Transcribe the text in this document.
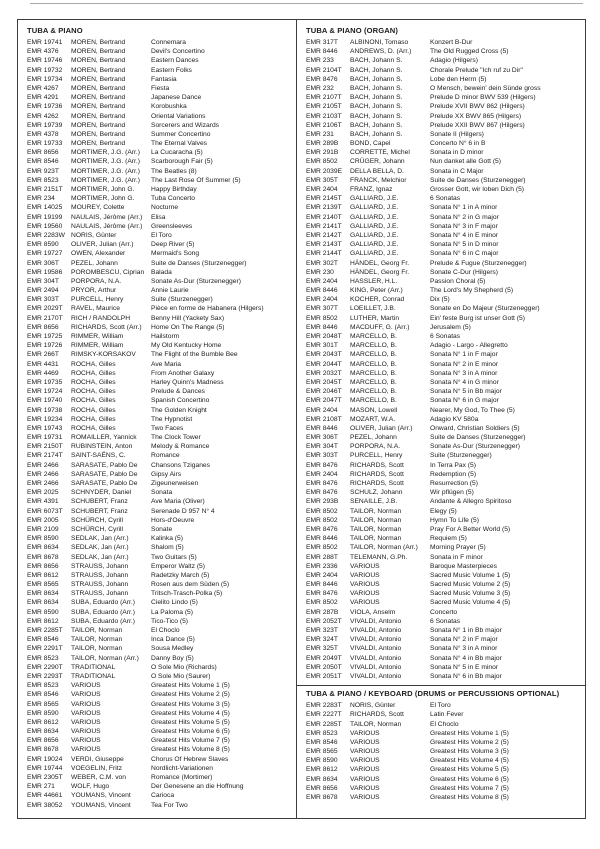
TUBA & PIANO
EMR 19741	MOREN, Bertrand	Connemara
EMR 4376	MOREN, Bertrand	Devil's Concertino
EMR 19746	MOREN, Bertrand	Eastern Dances
EMR 19732	MOREN, Bertrand	Eastern Folks
EMR 19734	MOREN, Bertrand	Fantasia
EMR 4267	MOREN, Bertrand	Fiesta
EMR 4291	MOREN, Bertrand	Japanese Dance
EMR 19736	MOREN, Bertrand	Korobushka
EMR 4262	MOREN, Bertrand	Oriental Variations
EMR 19739	MOREN, Bertrand	Sorcerers and Wizards
EMR 4378	MOREN, Bertrand	Summer Concertino
EMR 19733	MOREN, Bertrand	The Eternal Valves
EMR 8656	MORTIMER, J.G. (Arr.)	La Cucaracha (5)
EMR 8546	MORTIMER, J.G. (Arr.)	Scarborough Fair (5)
EMR 923T	MORTIMER, J.G. (Arr.)	The Beatles (8)
EMR 8523	MORTIMER, J.G. (Arr.)	The Last Rose Of Summer (5)
EMR 2151T	MORTIMER, John G.	Happy Birthday
EMR 234	MORTIMER, John G.	Tuba Concerto
EMR 14025	MOUREY, Colette	Nocturne
EMR 19199	NAULAIS, Jérôme (Arr.)	Elisa
EMR 19560	NAULAIS, Jérôme (Arr.)	Greensleeves
EMR 2283W NORIS, Günter	El Toro
EMR 8590	OLIVER, Julian (Arr.)	Deep River (5)
EMR 19727	OWEN, Alexander	Mermaid's Song
EMR 306T	PEZEL, Johann	Suite de Danses (Sturzenegger)
EMR 19586	POROMBESCU, Ciprian	Balada
EMR 304T	PORPORA, N.A.	Sonate As-Dur (Sturzenegger)
EMR 2494	PRYOR, Arthur	Annie Laurie
EMR 303T	PURCELL, Henry	Suite (Sturzenegger)
EMR 2029T	RAVEL, Maurice	Pièce en forme de Habanera (Hilgers)
EMR 2170T	RICH / RANDOLPH	Benny Hill (Yackety Sax)
EMR 8656	RICHARDS, Scott (Arr.)	Home On The Range (5)
EMR 19725	RIMMER, William	Hailstorm
EMR 19726	RIMMER, William	My Old Kentucky Home
EMR 266T	RIMSKY-KORSAKOV	The Flight of the Bumble Bee
EMR 4431	ROCHA, Gilles	Ave Maria
EMR 4469	ROCHA, Gilles	From Another Galaxy
EMR 19735	ROCHA, Gilles	Harley Quinn's Madness
EMR 19724	ROCHA, Gilles	Prelude & Dances
EMR 19740	ROCHA, Gilles	Spanish Concertino
EMR 19738	ROCHA, Gilles	The Golden Knight
EMR 19234	ROCHA, Gilles	The Hypnotist
EMR 19743	ROCHA, Gilles	Two Faces
EMR 19731	ROMAILLER, Yannick	The Clock Tower
EMR 2150T	RUBINSTEIN, Anton	Melody & Romance
EMR 2174T	SAINT-SAËNS, C.	Romance
EMR 2466	SARASATE, Pablo De	Chansons Tziganes
EMR 2466	SARASATE, Pablo De	Gipsy Airs
EMR 2466	SARASATE, Pablo De	Zigeunerweisen
EMR 2025	SCHNYDER, Daniel	Sonata
EMR 4391	SCHUBERT, Franz	Ave Maria (Oliver)
EMR 6073T	SCHUBERT, Franz	Serenade D 957 N° 4
EMR 2005	SCHÜRCH, Cyrill	Hors-d'Oeuvre
EMR 2109	SCHÜRCH, Cyrill	Sonate
EMR 8590	SEDLAK, Jan (Arr.)	Kalinka (5)
EMR 8634	SEDLAK, Jan (Arr.)	Shalom (5)
EMR 8678	SEDLAK, Jan (Arr.)	Two Guitars (5)
EMR 8656	STRAUSS, Johann	Emperor Waltz (5)
EMR 8612	STRAUSS, Johann	Radetzky March (5)
EMR 8565	STRAUSS, Johann	Rosen aus dem Süden (5)
EMR 8634	STRAUSS, Johann	Tritsch-Trasch-Polka (5)
EMR 8634	SUBA, Eduardo (Arr.)	Cielito Lindo (5)
EMR 8590	SUBA, Eduardo (Arr.)	La Paloma (5)
EMR 8612	SUBA, Eduardo (Arr.)	Tico-Tico (5)
EMR 2285T	TAILOR, Norman	El Choclo
EMR 8546	TAILOR, Norman	Inca Dance (5)
EMR 2291T	TAILOR, Norman	Sousa Medley
EMR 8523	TAILOR, Norman (Arr.)	Danny Boy (5)
EMR 2290T	TRADITIONAL	O Sole Mio (Richards)
EMR 2293T	TRADITIONAL	O Sole Mio (Saurer)
EMR 8523	VARIOUS	Greatest Hits Volume 1 (5)
EMR 8546	VARIOUS	Greatest Hits Volume 2 (5)
EMR 8565	VARIOUS	Greatest Hits Volume 3 (5)
EMR 8590	VARIOUS	Greatest Hits Volume 4 (5)
EMR 8612	VARIOUS	Greatest Hits Volume 5 (5)
EMR 8634	VARIOUS	Greatest Hits Volume 6 (5)
EMR 8656	VARIOUS	Greatest Hits Volume 7 (5)
EMR 8678	VARIOUS	Greatest Hits Volume 8 (5)
EMR 19024	VERDI, Giuseppe	Chorus Of Hebrew Slaves
EMR 19744	VOEGELIN, Fritz	Nordlicht-Variationen
EMR 2305T	WEBER, C.M. von	Romance (Mortimer)
EMR 271	WOLF, Hugo	Der Genesene an die Hoffnung
EMR 44661	YOUMANS, Vincent	Carioca
EMR 38052	YOUMANS, Vincent	Tea For Two
TUBA & PIANO (ORGAN)
EMR 317T	ALBINONI, Tomaso	Konzert B-Dur
EMR 8446	ANDREWS, D. (Arr.)	The Old Rugged Cross (5)
EMR 233	BACH, Johann S.	Adagio (Hilgers)
EMR 2104T	BACH, Johann S.	Chorale Prelude "Ich ruf zu Dir"
EMR 8476	BACH, Johann S.	Lobe den Herrn (5)
EMR 232	BACH, Johann S.	O Mensch, bewein' dein Sünde gross
EMR 2107T	BACH, Johann S.	Prelude D minor BWV 539 (Hilgers)
EMR 2105T	BACH, Johann S.	Prelude XVII BWV 862 (Hilgers)
EMR 2103T	BACH, Johann S.	Prelude XX BWV 865 (Hilgers)
EMR 2106T	BACH, Johann S.	Prelude XXII BWV 867 (Hilgers)
EMR 231	BACH, Johann S.	Sonate II (Hilgers)
EMR 289B	BOND, Capel	Concerto N° 6 in B
EMR 291B	CORRETTE, Michel	Sonata in D minor
EMR 8502	CRÜGER, Johann	Nun danket alle Gott (5)
EMR 2039E	DELLA BELLA, D.	Sonata in C Major
EMR 305T	FRANCK, Melchior	Suite de Danses (Sturzenegger)
EMR 2404	FRANZ, Ignaz	Grosser Gott, wir loben Dich (5)
EMR 2145T	GALLIARD, J.E.	6 Sonatas
EMR 2139T	GALLIARD, J.E.	Sonata N° 1 in A minor
EMR 2140T	GALLIARD, J.E.	Sonata N° 2 in G major
EMR 2141T	GALLIARD, J.E.	Sonata N° 3 in F major
EMR 2142T	GALLIARD, J.E.	Sonata N° 4 in E minor
EMR 2143T	GALLIARD, J.E.	Sonata N° 5 in D minor
EMR 2144T	GALLIARD, J.E.	Sonata N° 6 in C major
EMR 302T	HÄNDEL, Georg Fr.	Prelude & Fugue (Sturzenegger)
EMR 230	HÄNDEL, Georg Fr.	Sonate C-Dur (Hilgers)
EMR 2404	HASSLER, H.L.	Passion Choral (5)
EMR 8446	KING, Peter (Arr.)	The Lord's My Shepherd (5)
EMR 2404	KOCHER, Conrad	Dix (5)
EMR 307T	LOEILLET, J.B.	Sonate en Do Majeur (Sturzenegger)
EMR 8502	LUTHER, Martin	Ein' feste Burg ist unser Gott (5)
EMR 8446	MACDUFF, G. (Arr.)	Jerusalem (5)
EMR 2048T	MARCELLO, B.	6 Sonatas
EMR 301T	MARCELLO, B.	Adagio - Largo - Allegretto
EMR 2043T	MARCELLO, B.	Sonata N° 1 in F major
EMR 2044T	MARCELLO, B.	Sonata N° 2 in E minor
EMR 2032T	MARCELLO, B.	Sonata N° 3 in A minor
EMR 2045T	MARCELLO, B.	Sonata N° 4 in G minor
EMR 2046T	MARCELLO, B.	Sonata N° 5 in Bb major
EMR 2047T	MARCELLO, B.	Sonata N° 6 in G major
EMR 2404	MASON, Lowell	Nearer, My God, To Thee (5)
EMR 2108T	MOZART, W.A.	Adagio KV 580a
EMR 8446	OLIVER, Julian (Arr.)	Onward, Christian Soldiers (5)
EMR 306T	PEZEL, Johann	Suite de Danses (Sturzenegger)
EMR 304T	PORPORA, N.A.	Sonate As-Dur (Sturzenegger)
EMR 303T	PURCELL, Henry	Suite (Sturzenegger)
EMR 8476	RICHARDS, Scott	In Terra Pax (5)
EMR 2404	RICHARDS, Scott	Redemption (5)
EMR 8476	RICHARDS, Scott	Resurrection (5)
EMR 8476	SCHULZ, Johann	Wir pflügen (5)
EMR 293B	SENAILLE, J.B.	Andante & Allegro Spiritoso
EMR 8502	TAILOR, Norman	Elegy (5)
EMR 8502	TAILOR, Norman	Hymn To Life (5)
EMR 8476	TAILOR, Norman	Pray For A Better World (5)
EMR 8446	TAILOR, Norman	Requiem (5)
EMR 8502	TAILOR, Norman (Arr.)	Morning Prayer (5)
EMR 288T	TELEMANN, G.Ph.	Sonata in F minor
EMR 2336	VARIOUS	Baroque Masterpieces
EMR 2404	VARIOUS	Sacred Music Volume 1 (5)
EMR 8446	VARIOUS	Sacred Music Volume 2 (5)
EMR 8476	VARIOUS	Sacred Music Volume 3 (5)
EMR 8502	VARIOUS	Sacred Music Volume 4 (5)
EMR 287B	VIOLA, Anselm	Concerto
EMR 2052T	VIVALDI, Antonio	6 Sonatas
EMR 323T	VIVALDI, Antonio	Sonata N° 1 in Bb major
EMR 324T	VIVALDI, Antonio	Sonata N° 2 in F major
EMR 325T	VIVALDI, Antonio	Sonata N° 3 in A minor
EMR 2049T	VIVALDI, Antonio	Sonata N° 4 in Bb major
EMR 2050T	VIVALDI, Antonio	Sonata N° 5 in E minor
EMR 2051T	VIVALDI, Antonio	Sonata N° 6 in Bb major
TUBA & PIANO / KEYBOARD (DRUMS or PERCUSSIONS OPTIONAL)
EMR 2283T	NORIS, Günter	El Toro
EMR 2227T	RICHARDS, Scott	Latin Fever
EMR 2285T	TAILOR, Norman	El Choclo
EMR 8523	VARIOUS	Greatest Hits Volume 1 (5)
EMR 8546	VARIOUS	Greatest Hits Volume 2 (5)
EMR 8565	VARIOUS	Greatest Hits Volume 3 (5)
EMR 8590	VARIOUS	Greatest Hits Volume 4 (5)
EMR 8612	VARIOUS	Greatest Hits Volume 5 (5)
EMR 8634	VARIOUS	Greatest Hits Volume 6 (5)
EMR 8656	VARIOUS	Greatest Hits Volume 7 (5)
EMR 8678	VARIOUS	Greatest Hits Volume 8 (5)
